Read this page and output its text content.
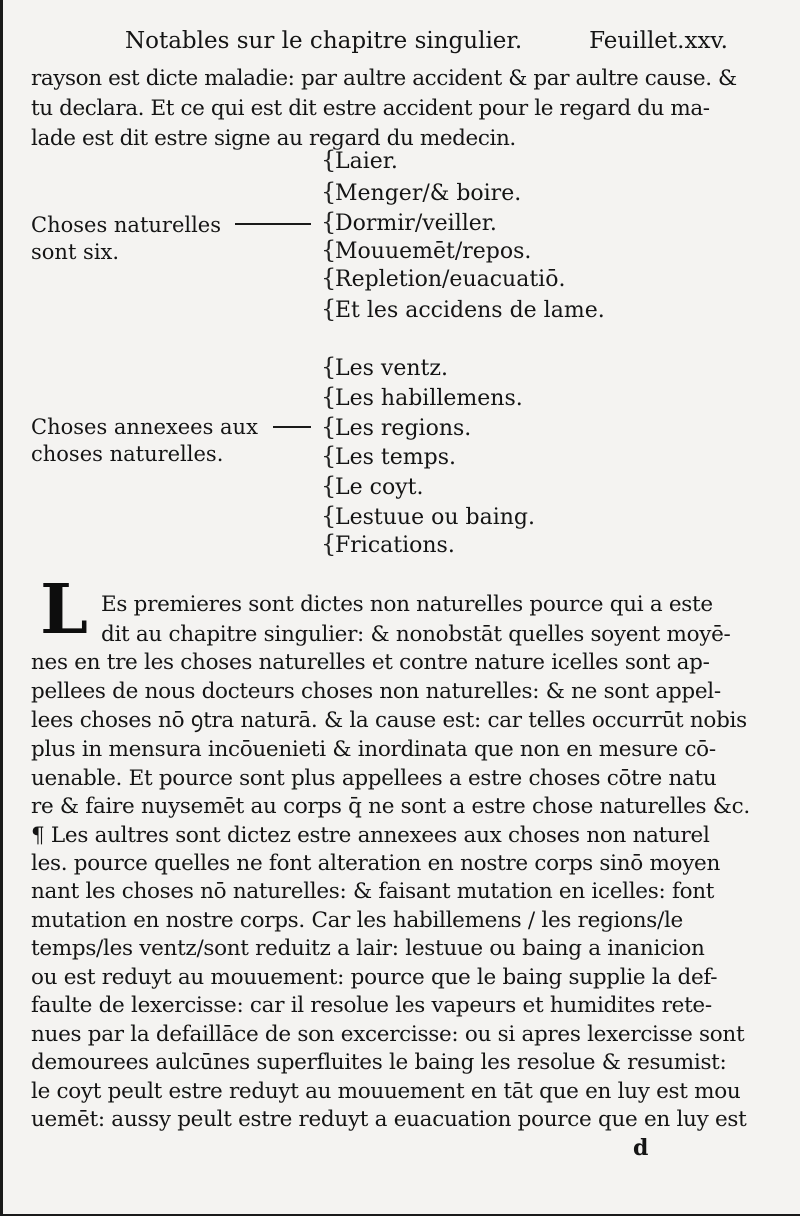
Notables sur le chapitre singulier.	Feuillet.xxv.
rayson est dicte maladie: par aultre accident & par aultre cause. &
tu declara. Et ce qui est dit estre accident pour le regard du ma-
lade est dit estre signe au regard du medecin.
Choses naturelles
sont six.
{Laier.
{Menger/& boire.
{Dormir/veiller.
{Mouuemēt/repos.
{Repletion/euacuatiō.
{Et les accidens de lame.
Choses annexees aux
choses naturelles.
{Les ventz.
{Les habillemens.
{Les regions.
{Les temps.
{Le coyt.
{Lestuue ou baing.
{Frications.
L Es premieres sont dictes non naturelles pource qui a este
dit au chapitre singulier: & nonobstāt quelles soyent moyē-
nes en tre les choses naturelles et contre nature icelles sont ap-
pellees de nous docteurs choses non naturelles: & ne sont appel-
lees choses nō ꝯtra naturā. & la cause est: car telles occurrūt nobis
plus in mensura incōuenieti & inordinata que non en mesure cō-
uenable. Et pource sont plus appellees a estre choses cōtre natu
re & faire nuysemēt au corps q̄ ne sont a estre chose naturelles &c.
¶ Les aultres sont dictez estre annexees aux choses non naturel
les. pource quelles ne font alteration en nostre corps sinō moyen
nant les choses nō naturelles: & faisant mutation en icelles: font
mutation en nostre corps. Car les habillemens / les regions/le
temps/les ventz/sont reduitz a lair: lestuue ou baing a inanicion
ou est reduyt au mouuement: pource que le baing supplie la def-
faulte de lexercisse: car il resolue les vapeurs et humidites rete-
nues par la defaillāce de son excercisse: ou si apres lexercisse sont
demourees aulcūnes superfluites le baing les resolue & resumist:
le coyt peult estre reduyt au mouuement en tāt que en luy est mou
uemēt: aussy peult estre reduyt a euacuation pource que en luy est
d
